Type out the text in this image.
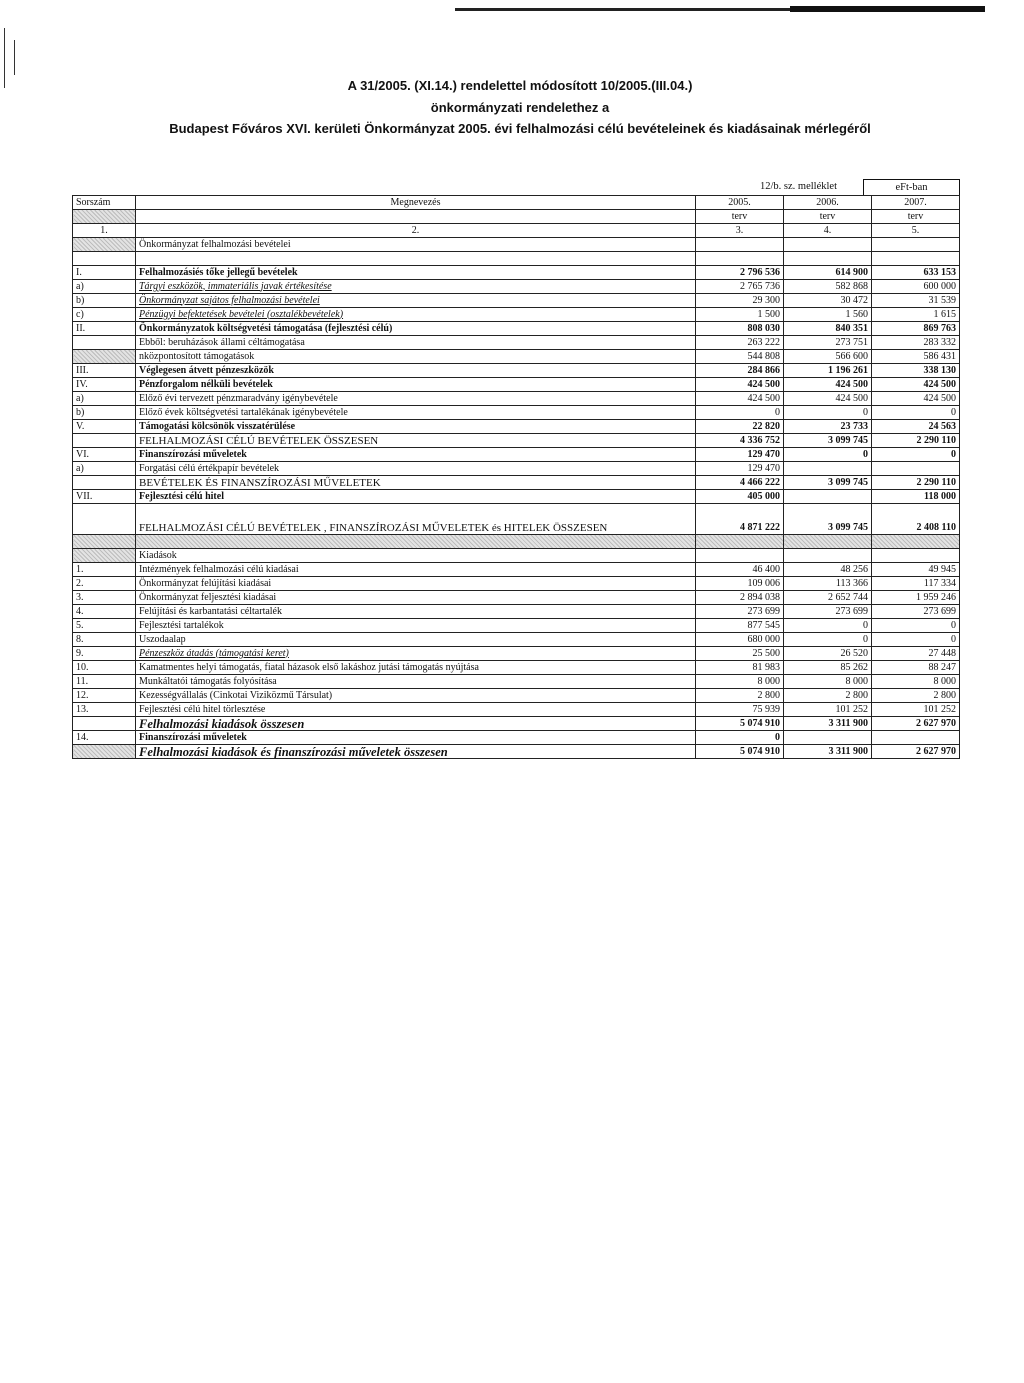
A 31/2005. (XI.14.) rendelettel módosított 10/2005.(III.04.)
önkormányzati rendelethez a
Budapest Főváros XVI. kerületi Önkormányzat 2005. évi felhalmozási célú bevételeinek és kiadásainak mérlegéről
12/b. sz. melléklet	eFt-ban
Sorszám	Megnevezés	2005.	2006.	2007.
		terv	terv	terv
1.	2.	3.	4.	5.
	Önkormányzat felhalmozási bevételei			

I.	Felhalmozásiés tőke jellegű bevételek	2 796 536	614 900	633 153
a)	Tárgyi eszközök, immateriális javak értékesítése	2 765 736	582 868	600 000
b)	Önkormányzat sajátos felhalmozási bevételei	29 300	30 472	31 539
c)	Pénzügyi befektetések bevételei (osztalékbevételek)	1 500	1 560	1 615
II.	Önkormányzatok költségvetési támogatása (fejlesztési célú)	808 030	840 351	869 763
	Ebből: beruházások állami céltámogatása	263 222	273 751	283 332
	nközpontosított támogatások	544 808	566 600	586 431
III.	Véglegesen átvett pénzeszközök	284 866	1 196 261	338 130
IV.	Pénzforgalom nélküli bevételek	424 500	424 500	424 500
a)	Előző évi tervezett pénzmaradvány igénybevétele	424 500	424 500	424 500
b)	Előző évek költségvetési tartalékának igénybevétele	0	0	0
V.	Támogatási kölcsönök visszatérülése	22 820	23 733	24 563
	FELHALMOZÁSI CÉLÚ BEVÉTELEK ÖSSZESEN	4 336 752	3 099 745	2 290 110
VI.	Finanszírozási műveletek	129 470	0	0
a)	Forgatási célú értékpapír bevételek	129 470		
	BEVÉTELEK ÉS FINANSZÍROZÁSI MŰVELETEK	4 466 222	3 099 745	2 290 110
VII.	Fejlesztési célú hitel	405 000		118 000
	FELHALMOZÁSI CÉLÚ BEVÉTELEK , FINANSZÍROZÁSI MŰVELETEK és HITELEK ÖSSZESEN	4 871 222	3 099 745	2 408 110

	Kiadások			
1.	Intézmények felhalmozási célú kiadásai	46 400	48 256	49 945
2.	Önkormányzat felújítási kiadásai	109 006	113 366	117 334
3.	Önkormányzat feljesztési kiadásai	2 894 038	2 652 744	1 959 246
4.	Felújítási és karbantatási céltartalék	273 699	273 699	273 699
5.	Fejlesztési tartalékok	877 545	0	0
8.	Uszodaalap	680 000	0	0
9.	Pénzeszköz átadás (támogatási keret)	25 500	26 520	27 448
10.	Kamatmentes helyi támogatás, fiatal házasok első lakáshoz jutási támogatás nyújtása	81 983	85 262	88 247
11.	Munkáltatói támogatás folyósítása	8 000	8 000	8 000
12.	Kezességvállalás (Cinkotai Viziközmű Társulat)	2 800	2 800	2 800
13.	Fejlesztési célú hitel törlesztése	75 939	101 252	101 252
	Felhalmozási kiadások összesen	5 074 910	3 311 900	2 627 970
14.	Finanszírozási műveletek	0		
	Felhalmozási kiadások és finanszírozási műveletek összesen	5 074 910	3 311 900	2 627 970
